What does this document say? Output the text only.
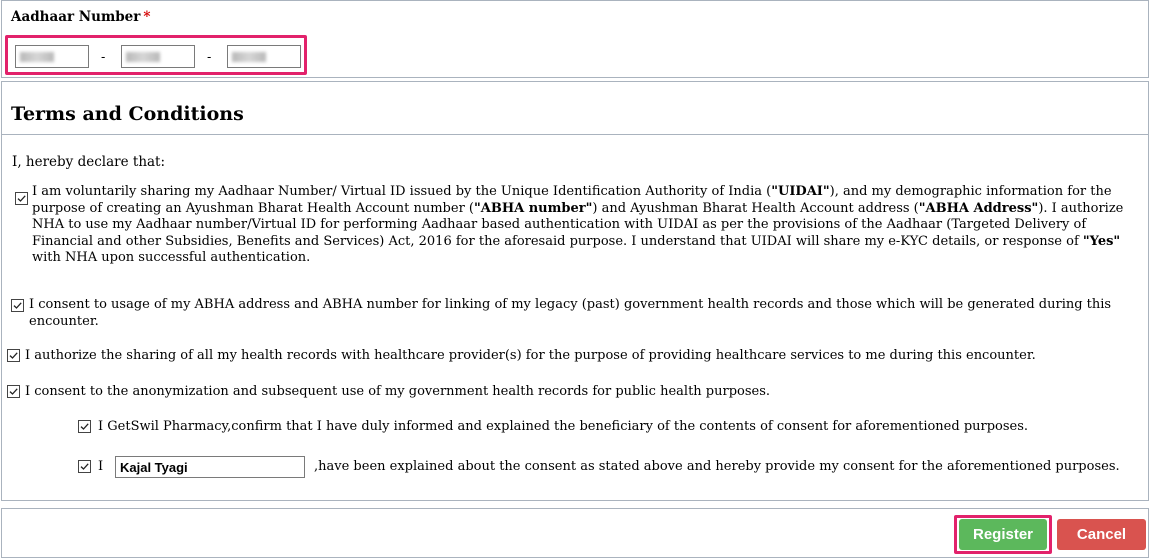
Aadhaar Number *
-	-
Terms and Conditions
I, hereby declare that:
I am voluntarily sharing my Aadhaar Number/ Virtual ID issued by the Unique Identification Authority of India ("UIDAI"), and my demographic information for the purpose of creating an Ayushman Bharat Health Account number ("ABHA number") and Ayushman Bharat Health Account address ("ABHA Address"). I authorize NHA to use my Aadhaar number/Virtual ID for performing Aadhaar based authentication with UIDAI as per the provisions of the Aadhaar (Targeted Delivery of Financial and other Subsidies, Benefits and Services) Act, 2016 for the aforesaid purpose. I understand that UIDAI will share my e-KYC details, or response of "Yes" with NHA upon successful authentication.
I consent to usage of my ABHA address and ABHA number for linking of my legacy (past) government health records and those which will be generated during this encounter.
I authorize the sharing of all my health records with healthcare provider(s) for the purpose of providing healthcare services to me during this encounter.
I consent to the anonymization and subsequent use of my government health records for public health purposes.
I GetSwil Pharmacy,confirm that I have duly informed and explained the beneficiary of the contents of consent for aforementioned purposes.
I	Kajal Tyagi	,have been explained about the consent as stated above and hereby provide my consent for the aforementioned purposes.
Register	Cancel
